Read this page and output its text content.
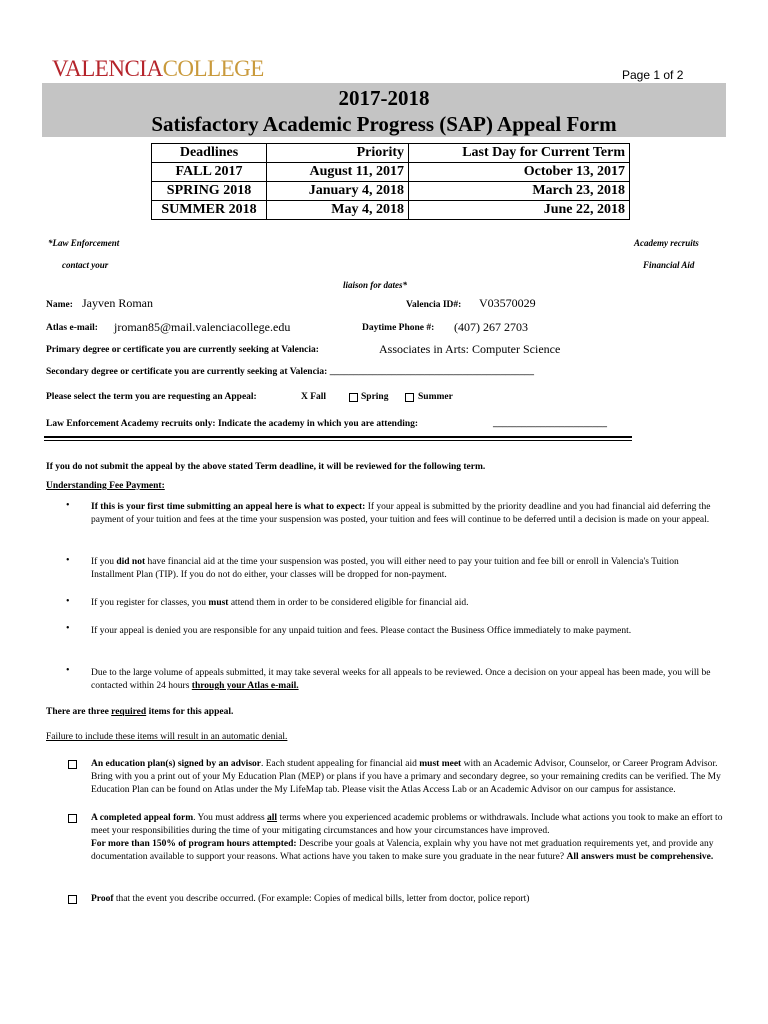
VALENCIACOLLEGE	Page 1 of 2
2017-2018
Satisfactory Academic Progress (SAP) Appeal Form
Deadlines	Priority	Last Day for Current Term
FALL 2017	August 11, 2017	October 13, 2017
SPRING 2018	January 4, 2018	March 23, 2018
SUMMER 2018	May 4, 2018	June 22, 2018
*Law Enforcement
contact your
Academy recruits
Financial Aid
liaison for dates*
Name: Jayven Roman	Valencia ID#: V03570029
Atlas e-mail: jroman85@mail.valenciacollege.edu	Daytime Phone #: (407) 267 2703
Primary degree or certificate you are currently seeking at Valencia:	Associates in Arts: Computer Science
Secondary degree or certificate you are currently seeking at Valencia: ___________________________________________
Please select the term you are requesting an Appeal:	X Fall	Spring	Summer
Law Enforcement Academy recruits only: Indicate the academy in which you are attending:	________________________
If you do not submit the appeal by the above stated Term deadline, it will be reviewed for the following term.
Understanding Fee Payment:
• If this is your first time submitting an appeal here is what to expect: If your appeal is submitted by the priority deadline and you had financial aid deferring the payment of your tuition and fees at the time your suspension was posted, your tuition and fees will continue to be deferred until a decision is made on your appeal.
• If you did not have financial aid at the time your suspension was posted, you will either need to pay your tuition and fee bill or enroll in Valencia's Tuition Installment Plan (TIP). If you do not do either, your classes will be dropped for non-payment.
• If you register for classes, you must attend them in order to be considered eligible for financial aid.
• If your appeal is denied you are responsible for any unpaid tuition and fees. Please contact the Business Office immediately to make payment.
• Due to the large volume of appeals submitted, it may take several weeks for all appeals to be reviewed. Once a decision on your appeal has been made, you will be contacted within 24 hours through your Atlas e-mail.
There are three required items for this appeal.
Failure to include these items will result in an automatic denial.
An education plan(s) signed by an advisor. Each student appealing for financial aid must meet with an Academic Advisor, Counselor, or Career Program Advisor. Bring with you a print out of your My Education Plan (MEP) or plans if you have a primary and secondary degree, so your remaining credits can be verified. The My Education Plan can be found on Atlas under the My LifeMap tab. Please visit the Atlas Access Lab or an Academic Advisor on our campus for assistance.
A completed appeal form. You must address all terms where you experienced academic problems or withdrawals. Include what actions you took to make an effort to meet your responsibilities during the time of your mitigating circumstances and how your circumstances have improved.
For more than 150% of program hours attempted: Describe your goals at Valencia, explain why you have not met graduation requirements yet, and provide any documentation available to support your reasons. What actions have you taken to make sure you graduate in the near future? All answers must be comprehensive.
Proof that the event you describe occurred. (For example: Copies of medical bills, letter from doctor, police report)
